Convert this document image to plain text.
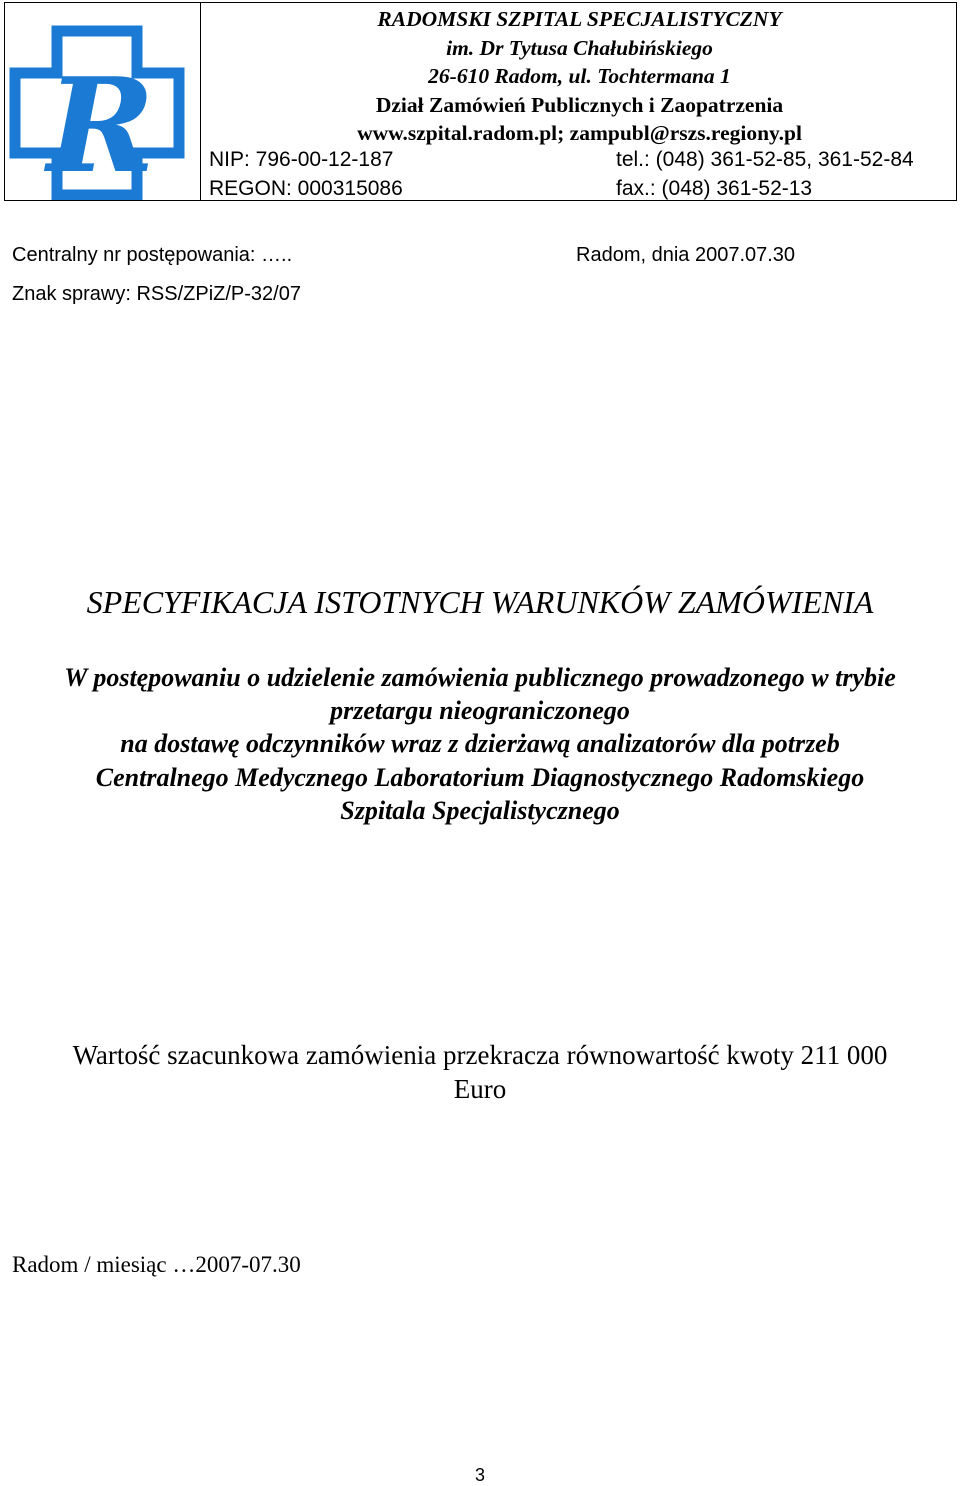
R
RADOMSKI SZPITAL SPECJALISTYCZNY
im. Dr Tytusa Chałubińskiego
26-610 Radom, ul. Tochtermana 1
Dział Zamówień Publicznych i Zaopatrzenia
www.szpital.radom.pl; zampubl@rszs.regiony.pl
NIP: 796-00-12-187
REGON: 000315086
tel.: (048) 361-52-85, 361-52-84
fax.: (048) 361-52-13
Centralny nr postępowania: …..	Radom, dnia 2007.07.30
Znak sprawy: RSS/ZPiZ/P-32/07
SPECYFIKACJA ISTOTNYCH WARUNKÓW ZAMÓWIENIA
W postępowaniu o udzielenie zamówienia publicznego prowadzonego w trybie
przetargu nieograniczonego
na dostawę odczynników wraz z dzierżawą analizatorów dla potrzeb
Centralnego Medycznego Laboratorium Diagnostycznego Radomskiego
Szpitala Specjalistycznego
Wartość szacunkowa zamówienia przekracza równowartość kwoty 211 000
Euro
Radom / miesiąc …2007-07.30
3
